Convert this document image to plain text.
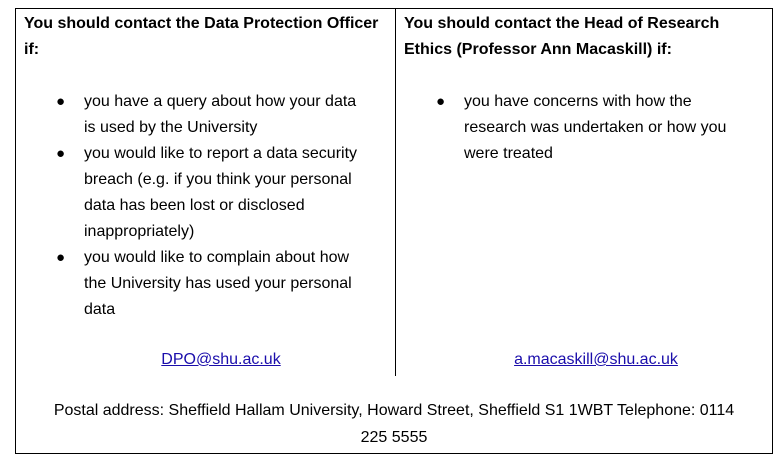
You should contact the Data Protection Officer
if:

● you have a query about how your data
is used by the University
● you would like to report a data security
breach (e.g. if you think your personal
data has been lost or disclosed
inappropriately)
● you would like to complain about how
the University has used your personal
data
DPO@shu.ac.uk

You should contact the Head of Research
Ethics (Professor Ann Macaskill) if:

● you have concerns with how the
research was undertaken or how you
were treated
a.macaskill@shu.ac.uk
Postal address: Sheffield Hallam University, Howard Street, Sheffield S1 1WBT Telephone: 0114
225 5555
